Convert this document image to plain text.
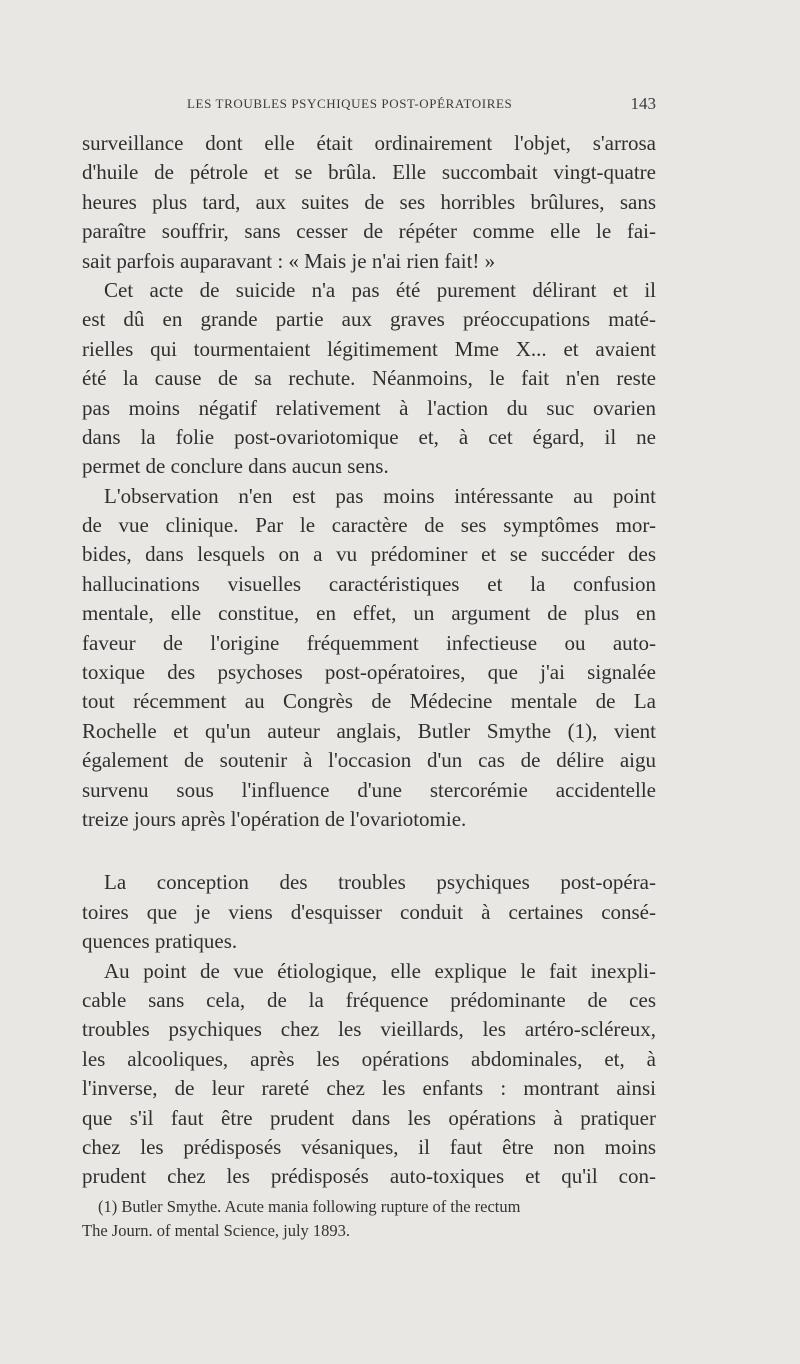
LES TROUBLES PSYCHIQUES POST-OPÉRATOIRES	143
surveillance dont elle était ordinairement l'objet, s'arrosa
d'huile de pétrole et se brûla. Elle succombait vingt-quatre
heures plus tard, aux suites de ses horribles brûlures, sans
paraître souffrir, sans cesser de répéter comme elle le fai-
sait parfois auparavant : « Mais je n'ai rien fait! »
Cet acte de suicide n'a pas été purement délirant et il
est dû en grande partie aux graves préoccupations maté-
rielles qui tourmentaient légitimement Mme X... et avaient
été la cause de sa rechute. Néanmoins, le fait n'en reste
pas moins négatif relativement à l'action du suc ovarien
dans la folie post-ovariotomique et, à cet égard, il ne
permet de conclure dans aucun sens.
L'observation n'en est pas moins intéressante au point
de vue clinique. Par le caractère de ses symptômes mor-
bides, dans lesquels on a vu prédominer et se succéder des
hallucinations visuelles caractéristiques et la confusion
mentale, elle constitue, en effet, un argument de plus en
faveur de l'origine fréquemment infectieuse ou auto-
toxique des psychoses post-opératoires, que j'ai signalée
tout récemment au Congrès de Médecine mentale de La
Rochelle et qu'un auteur anglais, Butler Smythe (1), vient
également de soutenir à l'occasion d'un cas de délire aigu
survenu sous l'influence d'une stercorémie accidentelle
treize jours après l'opération de l'ovariotomie.
La conception des troubles psychiques post-opéra-
toires que je viens d'esquisser conduit à certaines consé-
quences pratiques.
Au point de vue étiologique, elle explique le fait inexpli-
cable sans cela, de la fréquence prédominante de ces
troubles psychiques chez les vieillards, les artéro-scléreux,
les alcooliques, après les opérations abdominales, et, à
l'inverse, de leur rareté chez les enfants : montrant ainsi
que s'il faut être prudent dans les opérations à pratiquer
chez les prédisposés vésaniques, il faut être non moins
prudent chez les prédisposés auto-toxiques et qu'il con-
(1) Butler Smythe. Acute mania following rupture of the rectum
The Journ. of mental Science, july 1893.
